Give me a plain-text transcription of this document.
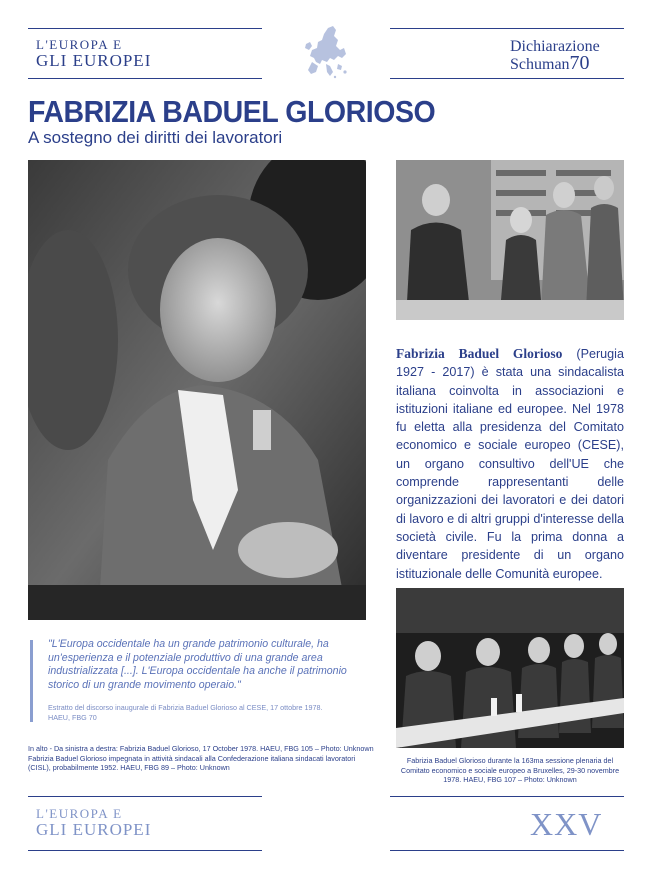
L'EUROPA E
GLI EUROPEI
Dichiarazione
Schuman70
FABRIZIA BADUEL GLORIOSO
A sostegno dei diritti dei lavoratori
Fabrizia Baduel Glorioso (Perugia 1927 - 2017) è stata una sindacalista italiana coinvolta in associazioni e istituzioni italiane ed europee. Nel 1978 fu eletta alla presidenza del Comitato economico e sociale europeo (CESE), un organo consultivo dell'UE che comprende rappresentanti delle organizzazioni dei lavoratori e dei datori di lavoro e di altri gruppi d'interesse della società civile. Fu la prima donna a diventare presidente di un organo istituzionale delle Comunità europee.
"L'Europa occidentale ha un grande patrimonio culturale, ha un'esperienza e il potenziale produttivo di una grande area industrializzata [...]. L'Europa occidentale ha anche il patrimonio storico di un grande movimento operaio."
Estratto del discorso inaugurale di Fabrizia Baduel Glorioso al CESE, 17 ottobre 1978.
HAEU, FBG 70
In alto - Da sinistra a destra: Fabrizia Baduel Glorioso, 17 October 1978. HAEU, FBG 105 – Photo: Unknown
Fabrizia Baduel Glorioso impegnata in attività sindacali alla Confederazione italiana sindacati lavoratori (CISL), probabilmente 1952. HAEU, FBG 89 – Photo: Unknown
Fabrizia Baduel Glorioso durante la 163ma sessione plenaria del Comitato economico e sociale europeo a Bruxelles, 29-30 novembre 1978. HAEU, FBG 107 – Photo: Unknown
L'EUROPA E
GLI EUROPEI	XXV
